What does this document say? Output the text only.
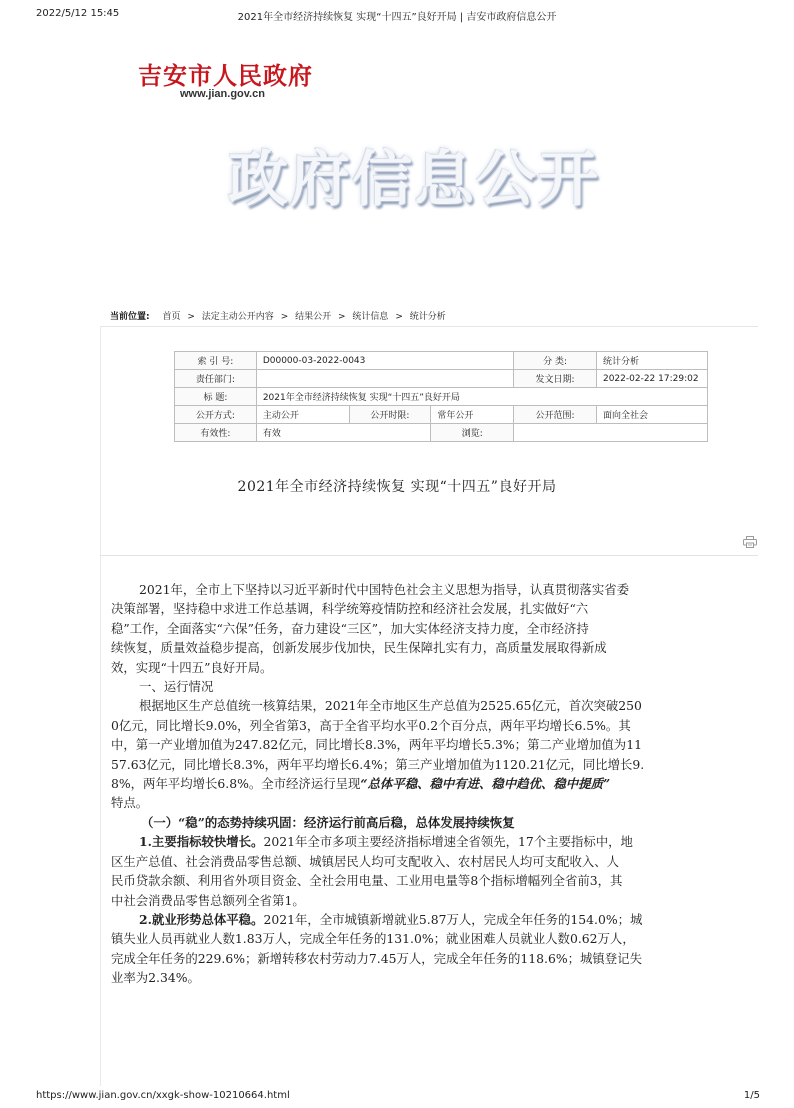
2022/5/12 15:45	2021年全市经济持续恢复 实现“十四五”良好开局 | 吉安市政府信息公开
吉安市人民政府
www.jian.gov.cn
政府信息公开
当前位置: 首页 > 法定主动公开内容 > 结果公开 > 统计信息 > 统计分析
索 引 号:	D00000-03-2022-0043			分 类:	统计分析
责任部门:				发文日期:	2022-02-22 17:29:02
标 题:	2021年全市经济持续恢复 实现“十四五”良好开局				
公开方式:	主动公开	公开时限:	常年公开	公开范围:	面向全社会
有效性:	有效		浏览:		
2021年全市经济持续恢复 实现“十四五”良好开局

2021年，全市上下坚持以习近平新时代中国特色社会主义思想为指导，认真贯彻落实省委

决策部署，坚持稳中求进工作总基调，科学统筹疫情防控和经济社会发展，扎实做好“六

稳”工作，全面落实“六保”任务，奋力建设“三区”，加大实体经济支持力度，全市经济持

续恢复，质量效益稳步提高，创新发展步伐加快，民生保障扎实有力，高质量发展取得新成

效，实现“十四五”良好开局。

一、运行情况

根据地区生产总值统一核算结果，2021年全市地区生产总值为2525.65亿元，首次突破250

0亿元，同比增长9.0%，列全省第3，高于全省平均水平0.2个百分点，两年平均增长6.5%。其

中，第一产业增加值为247.82亿元，同比增长8.3%，两年平均增长5.3%；第二产业增加值为11

57.63亿元，同比增长8.3%，两年平均增长6.4%；第三产业增加值为1120.21亿元，同比增长9.

8%，两年平均增长6.8%。全市经济运行呈现“总体平稳、稳中有进、稳中趋优、稳中提质”

特点。

（一）“稳”的态势持续巩固：经济运行前高后稳，总体发展持续恢复

1.主要指标较快增长。2021年全市多项主要经济指标增速全省领先，17个主要指标中，地

区生产总值、社会消费品零售总额、城镇居民人均可支配收入、农村居民人均可支配收入、人

民币贷款余额、利用省外项目资金、全社会用电量、工业用电量等8个指标增幅列全省前3，其

中社会消费品零售总额列全省第1。

2.就业形势总体平稳。2021年，全市城镇新增就业5.87万人，完成全年任务的154.0%；城

镇失业人员再就业人数1.83万人，完成全年任务的131.0%；就业困难人员就业人数0.62万人，

完成全年任务的229.6%；新增转移农村劳动力7.45万人，完成全年任务的118.6%；城镇登记失

业率为2.34%。

https://www.jian.gov.cn/xxgk-show-10210664.html	1/5
